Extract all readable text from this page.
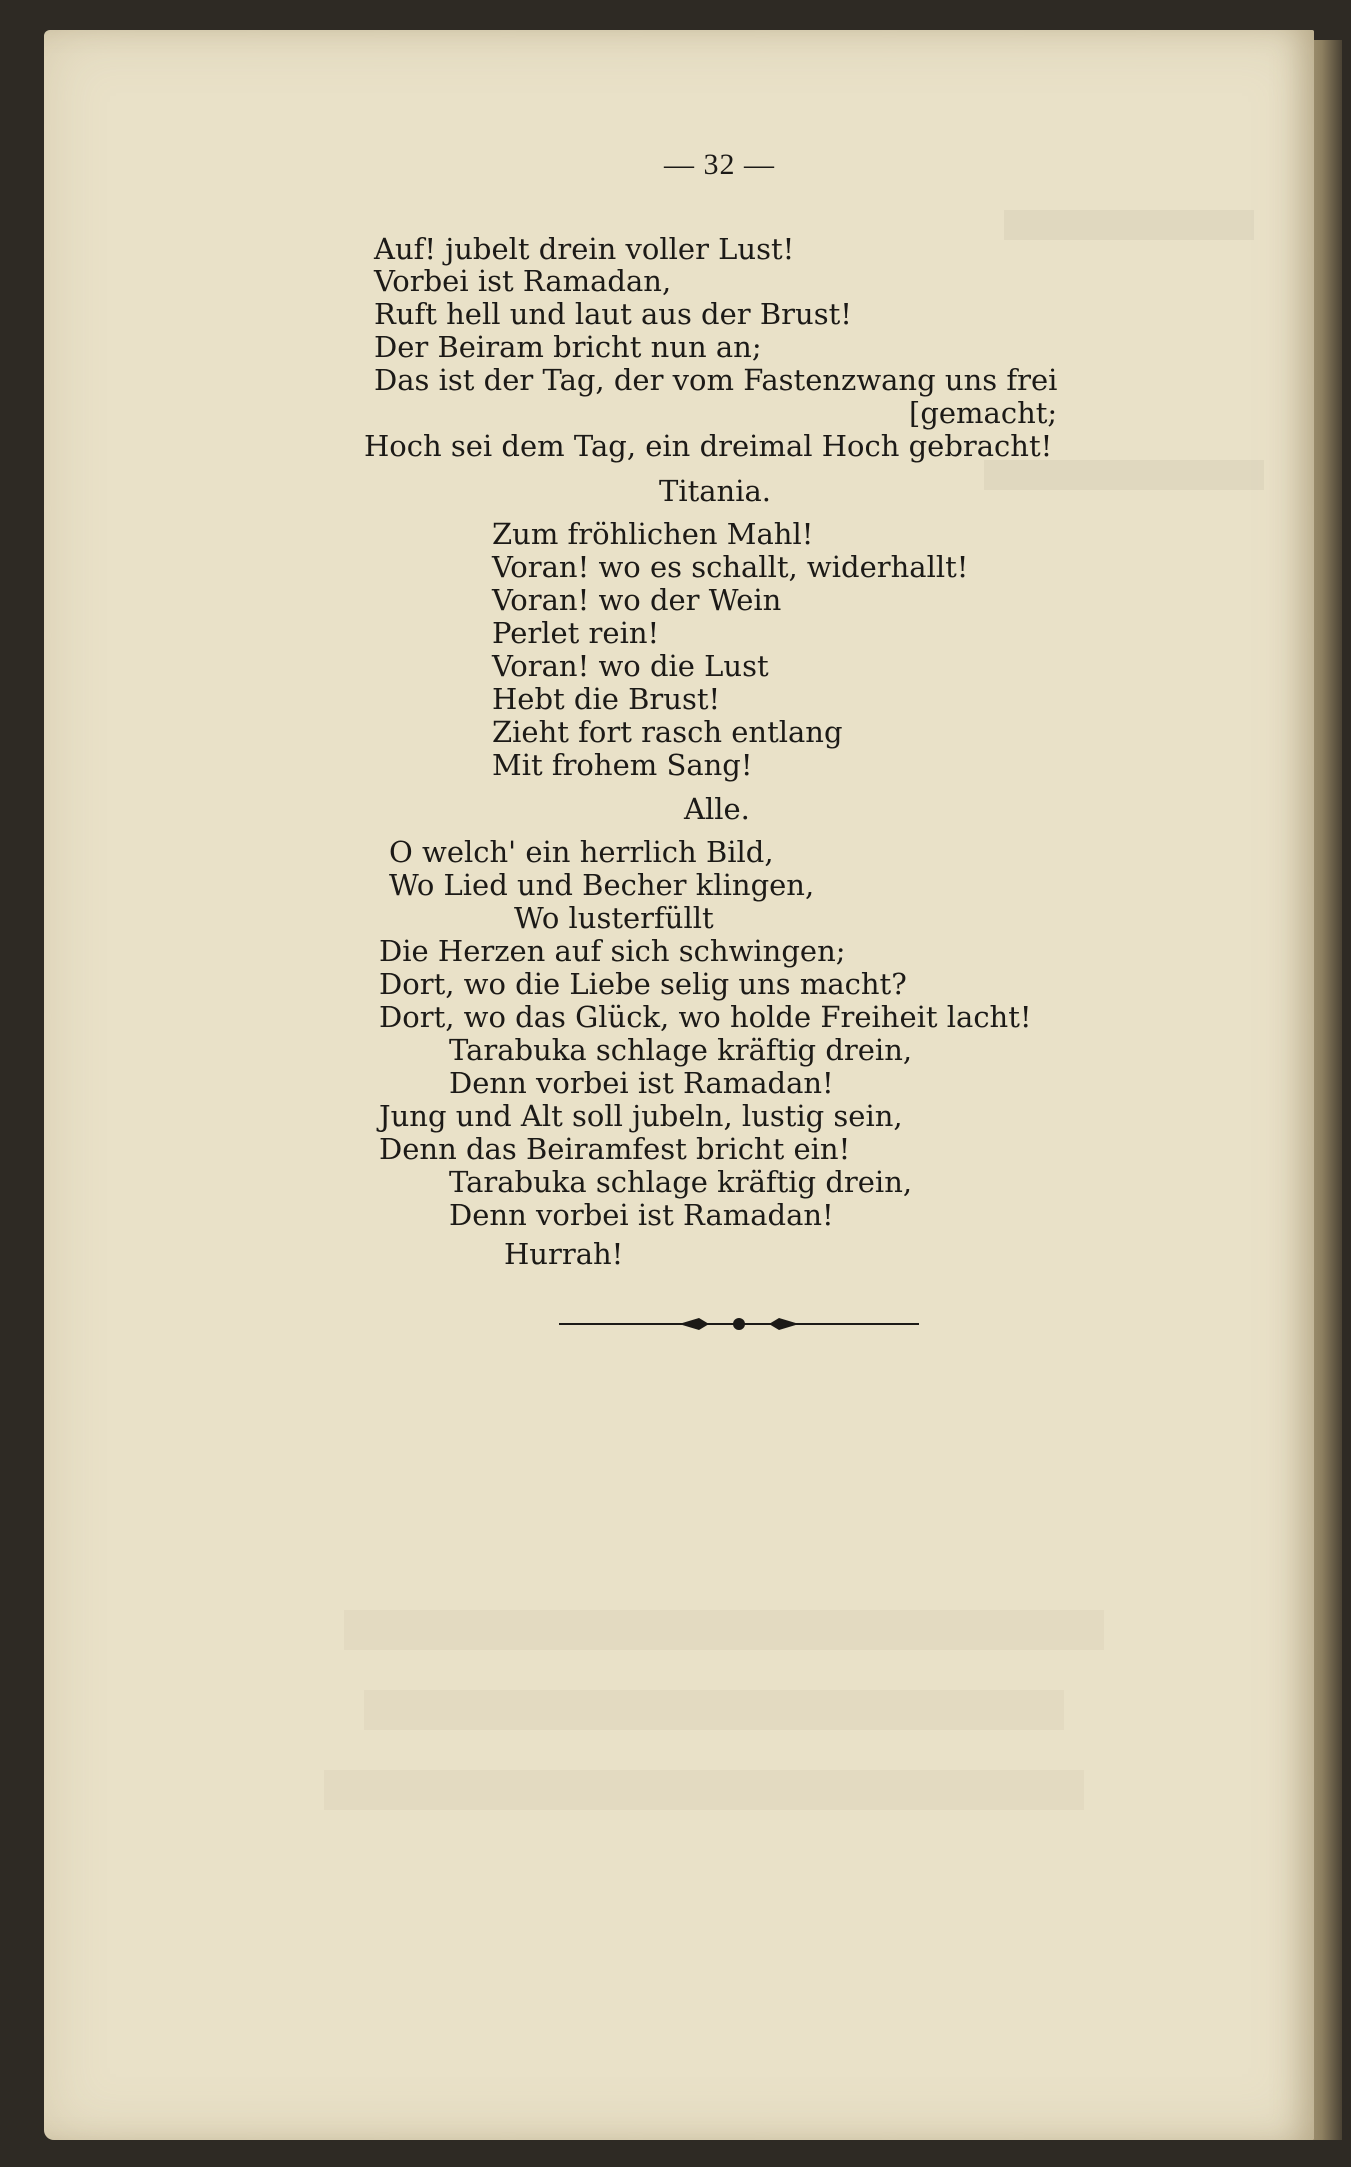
— 32 —
Auf! jubelt drein voller Lust!
Vorbei ist Ramadan,
Ruft hell und laut aus der Brust!
Der Beiram bricht nun an;
Das ist der Tag, der vom Fastenzwang uns frei
[gemacht;
Hoch sei dem Tag, ein dreimal Hoch gebracht!
Titania.
Zum fröhlichen Mahl!
Voran! wo es schallt, widerhallt!
Voran! wo der Wein
Perlet rein!
Voran! wo die Lust
Hebt die Brust!
Zieht fort rasch entlang
Mit frohem Sang!
Alle.
O welch' ein herrlich Bild,
Wo Lied und Becher klingen,
Wo lusterfüllt
Die Herzen auf sich schwingen;
Dort, wo die Liebe selig uns macht?
Dort, wo das Glück, wo holde Freiheit lacht!
Tarabuka schlage kräftig drein,
Denn vorbei ist Ramadan!
Jung und Alt soll jubeln, lustig sein,
Denn das Beiramfest bricht ein!
Tarabuka schlage kräftig drein,
Denn vorbei ist Ramadan!
Hurrah!
